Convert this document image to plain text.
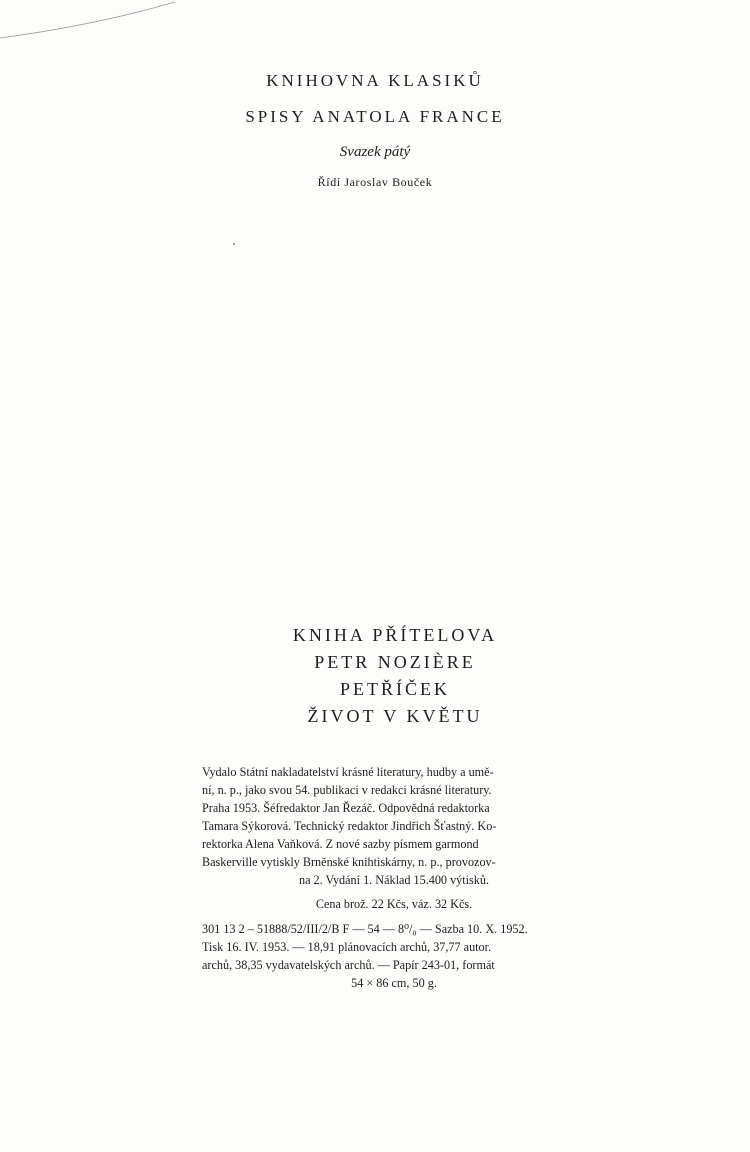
KNIHOVNA KLASIKŮ

SPISY ANATOLA FRANCE

Svazek pátý
Řídí Jaroslav Bouček
KNIHA PŘÍTELOVA
PETR NOZIÈRE
PETŘÍČEK
ŽIVOT V KVĚTU

Vydalo Státní nakladatelství krásné literatury, hudby a umě-

ní, n. p., jako svou 54. publikaci v redakci krásné literatury.

Praha 1953. Šéfredaktor Jan Řezáč. Odpovědná redaktorka

Tamara Sýkorová. Technický redaktor Jindřich Šťastný. Ko-

rektorka Alena Vaňková. Z nové sazby písmem garmond

Baskerville vytiskly Brněnské knihtiskárny, n. p., provozov-

na 2. Vydání 1. Náklad 15.400 výtisků.

Cena brož. 22 Kčs, váz. 32 Kčs.

301 13 2 – 51888/52/III/2/B F — 54 — 8⁰/₀ — Sazba 10. X. 1952.

Tisk 16. IV. 1953. — 18,91 plánovacích archů, 37,77 autor.

archů, 38,35 vydavatelských archů. — Papír 243-01, formát

54 × 86 cm, 50 g.
